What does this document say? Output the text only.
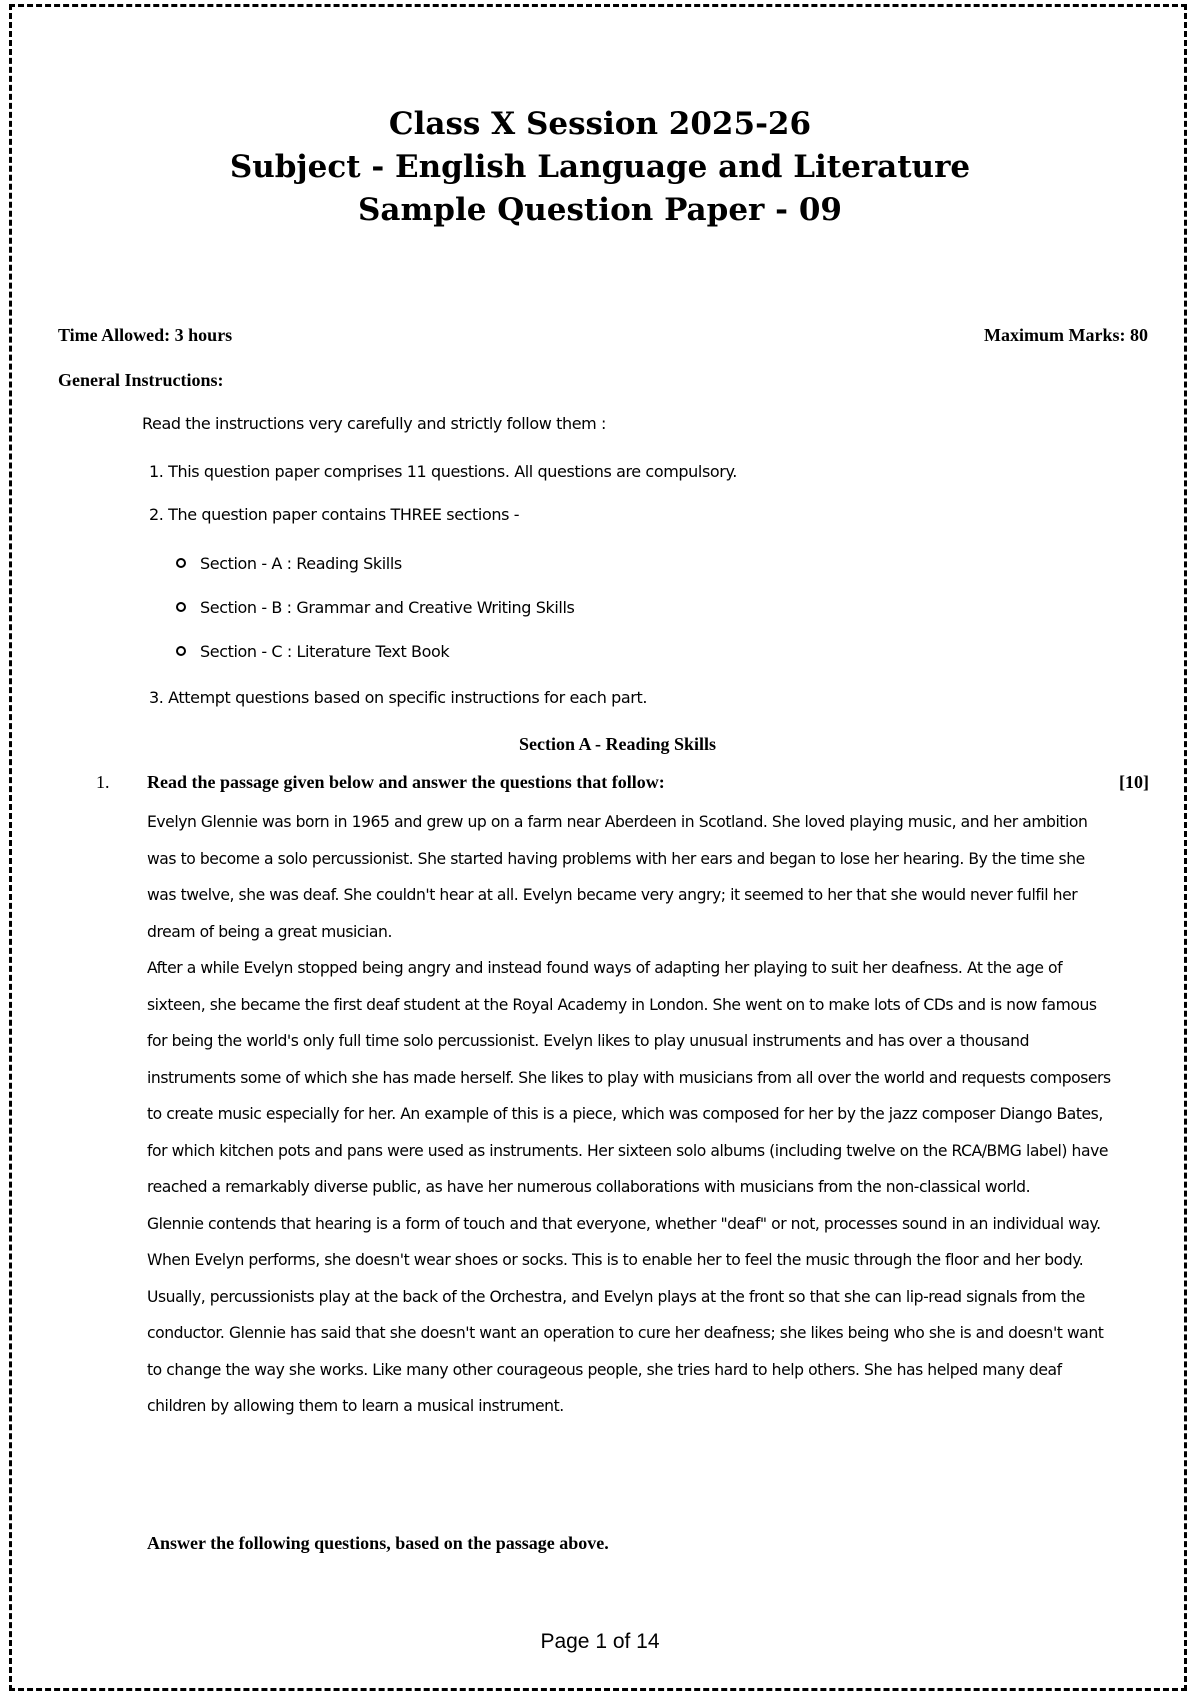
Class X Session 2025-26
Subject - English Language and Literature
Sample Question Paper - 09
Time Allowed: 3 hours	Maximum Marks: 80
General Instructions:
Read the instructions very carefully and strictly follow them :
1. This question paper comprises 11 questions. All questions are compulsory.
2. The question paper contains THREE sections -
Section - A : Reading Skills
Section - B : Grammar and Creative Writing Skills
Section - C : Literature Text Book
3. Attempt questions based on specific instructions for each part.
Section A - Reading Skills
1. Read the passage given below and answer the questions that follow:	[10]

Evelyn Glennie was born in 1965 and grew up on a farm near Aberdeen in Scotland. She loved playing music, and her ambition was to become a solo percussionist. She started having problems with her ears and began to lose her hearing. By the time she was twelve, she was deaf. She couldn't hear at all. Evelyn became very angry; it seemed to her that she would never fulfil her dream of being a great musician.

After a while Evelyn stopped being angry and instead found ways of adapting her playing to suit her deafness. At the age of sixteen, she became the first deaf student at the Royal Academy in London. She went on to make lots of CDs and is now famous for being the world's only full time solo percussionist. Evelyn likes to play unusual instruments and has over a thousand instruments some of which she has made herself. She likes to play with musicians from all over the world and requests composers to create music especially for her. An example of this is a piece, which was composed for her by the jazz composer Diango Bates, for which kitchen pots and pans were used as instruments. Her sixteen solo albums (including twelve on the RCA/BMG label) have reached a remarkably diverse public, as have her numerous collaborations with musicians from the non-classical world.

Glennie contends that hearing is a form of touch and that everyone, whether "deaf" or not, processes sound in an individual way. When Evelyn performs, she doesn't wear shoes or socks. This is to enable her to feel the music through the floor and her body. Usually, percussionists play at the back of the Orchestra, and Evelyn plays at the front so that she can lip-read signals from the conductor. Glennie has said that she doesn't want an operation to cure her deafness; she likes being who she is and doesn't want to change the way she works. Like many other courageous people, she tries hard to help others. She has helped many deaf children by allowing them to learn a musical instrument.

Answer the following questions, based on the passage above.
Page 1 of 14
